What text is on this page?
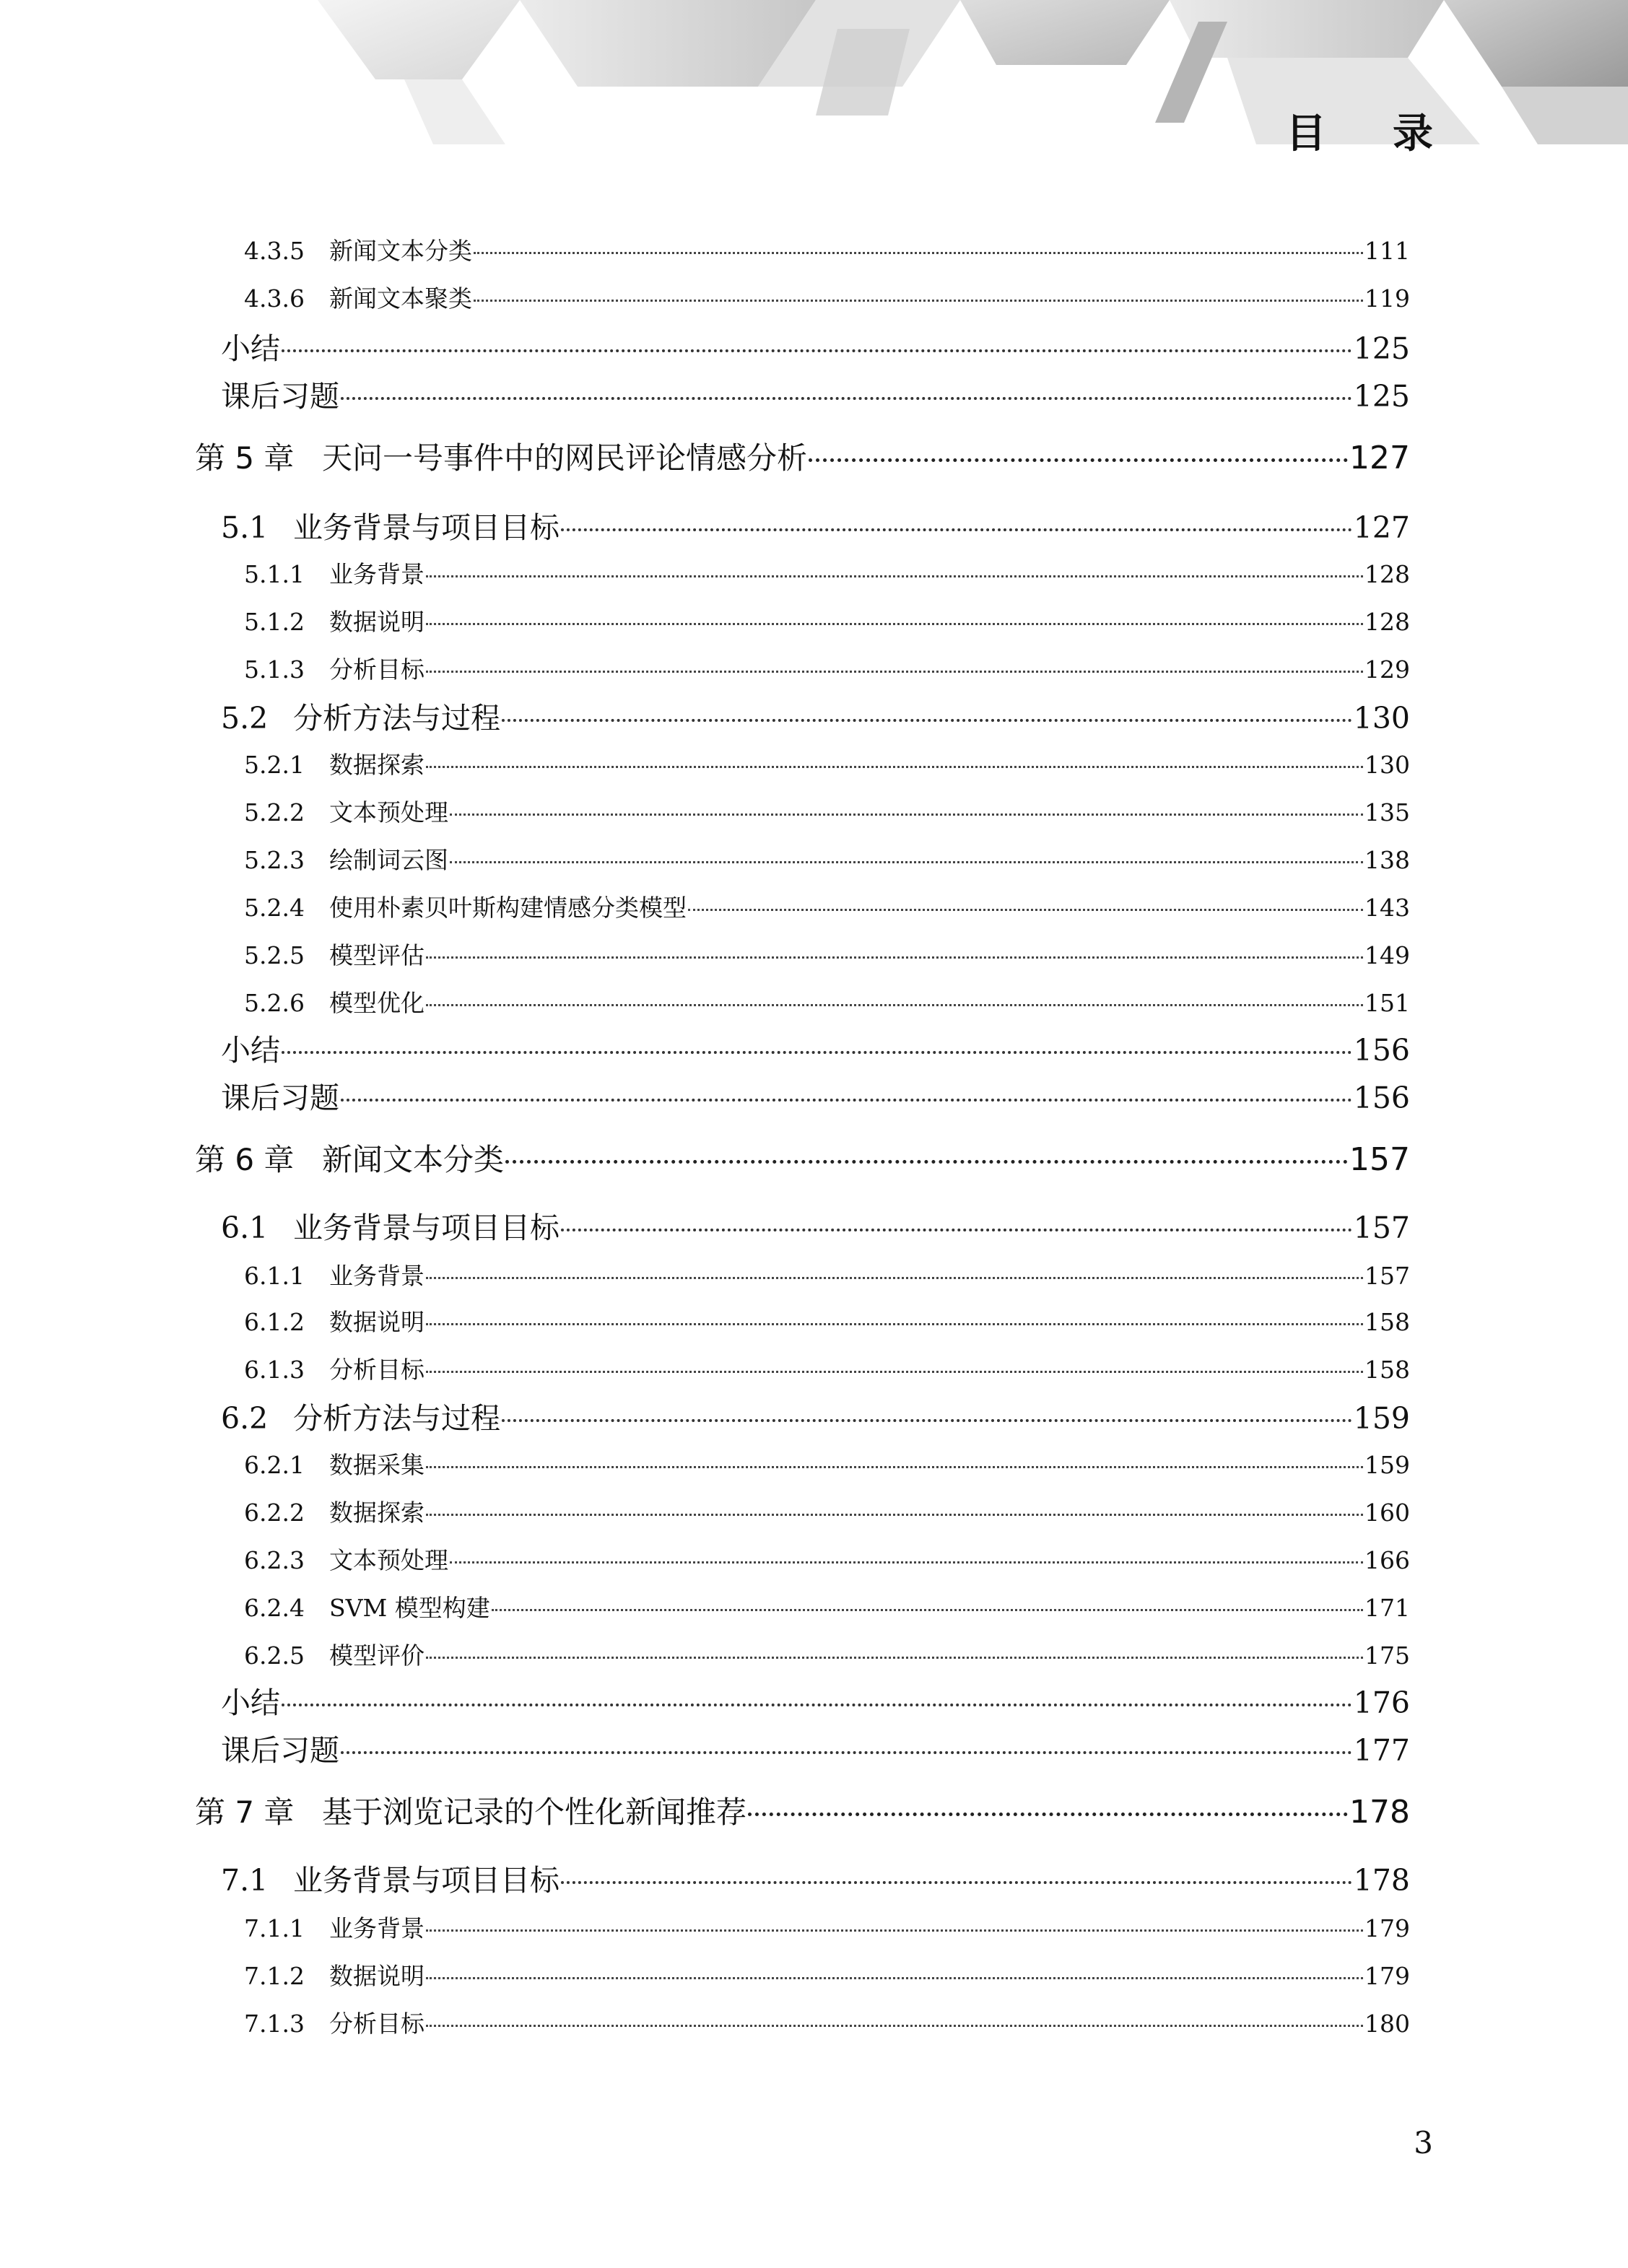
目录
4.3.5	新闻文本分类	111
4.3.6	新闻文本聚类	119
小结	125
课后习题	125
第 5 章 天问一号事件中的网民评论情感分析	127
5.1 业务背景与项目目标	127
5.1.1	业务背景	128
5.1.2	数据说明	128
5.1.3	分析目标	129
5.2 分析方法与过程	130
5.2.1	数据探索	130
5.2.2	文本预处理	135
5.2.3	绘制词云图	138
5.2.4	使用朴素贝叶斯构建情感分类模型	143
5.2.5	模型评估	149
5.2.6	模型优化	151
小结	156
课后习题	156
第 6 章 新闻文本分类	157
6.1 业务背景与项目目标	157
6.1.1	业务背景	157
6.1.2	数据说明	158
6.1.3	分析目标	158
6.2 分析方法与过程	159
6.2.1	数据采集	159
6.2.2	数据探索	160
6.2.3	文本预处理	166
6.2.4	SVM 模型构建	171
6.2.5	模型评价	175
小结	176
课后习题	177
第 7 章 基于浏览记录的个性化新闻推荐	178
7.1 业务背景与项目目标	178
7.1.1	业务背景	179
7.1.2	数据说明	179
7.1.3	分析目标	180
3
